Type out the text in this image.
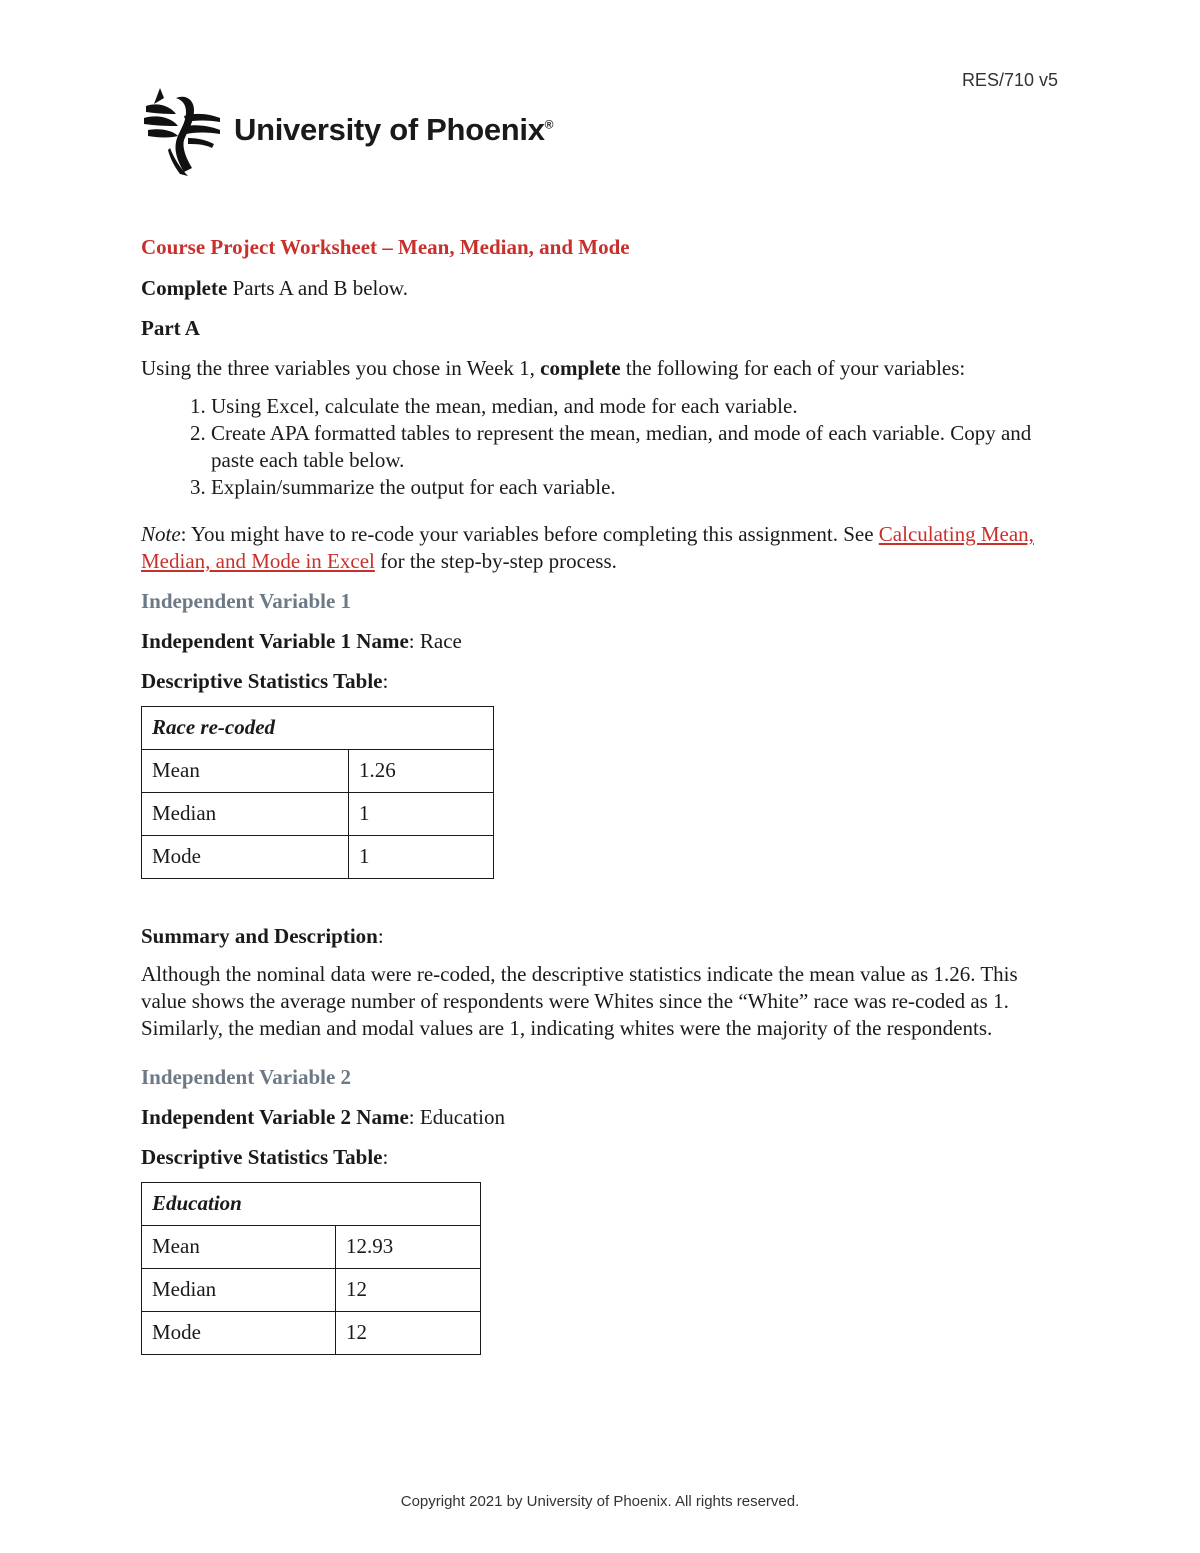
RES/710 v5
University of Phoenix®
Course Project Worksheet – Mean, Median, and Mode

Complete Parts A and B below.

Part A

Using the three variables you chose in Week 1, complete the following for each of your variables:

1. Using Excel, calculate the mean, median, and mode for each variable.
2. Create APA formatted tables to represent the mean, median, and mode of each variable. Copy and paste each table below.
3. Explain/summarize the output for each variable.

Note: You might have to re-code your variables before completing this assignment. See Calculating Mean, Median, and Mode in Excel for the step-by-step process.

Independent Variable 1

Independent Variable 1 Name: Race

Descriptive Statistics Table:
Race re-coded	
Mean	1.26
Median	1
Mode	1
Summary and Description:

Although the nominal data were re-coded, the descriptive statistics indicate the mean value as 1.26. This value shows the average number of respondents were Whites since the “White” race was re-coded as 1. Similarly, the median and modal values are 1, indicating whites were the majority of the respondents.

Independent Variable 2

Independent Variable 2 Name: Education

Descriptive Statistics Table:
Education	
Mean	12.93
Median	12
Mode	12
Copyright 2021 by University of Phoenix. All rights reserved.
